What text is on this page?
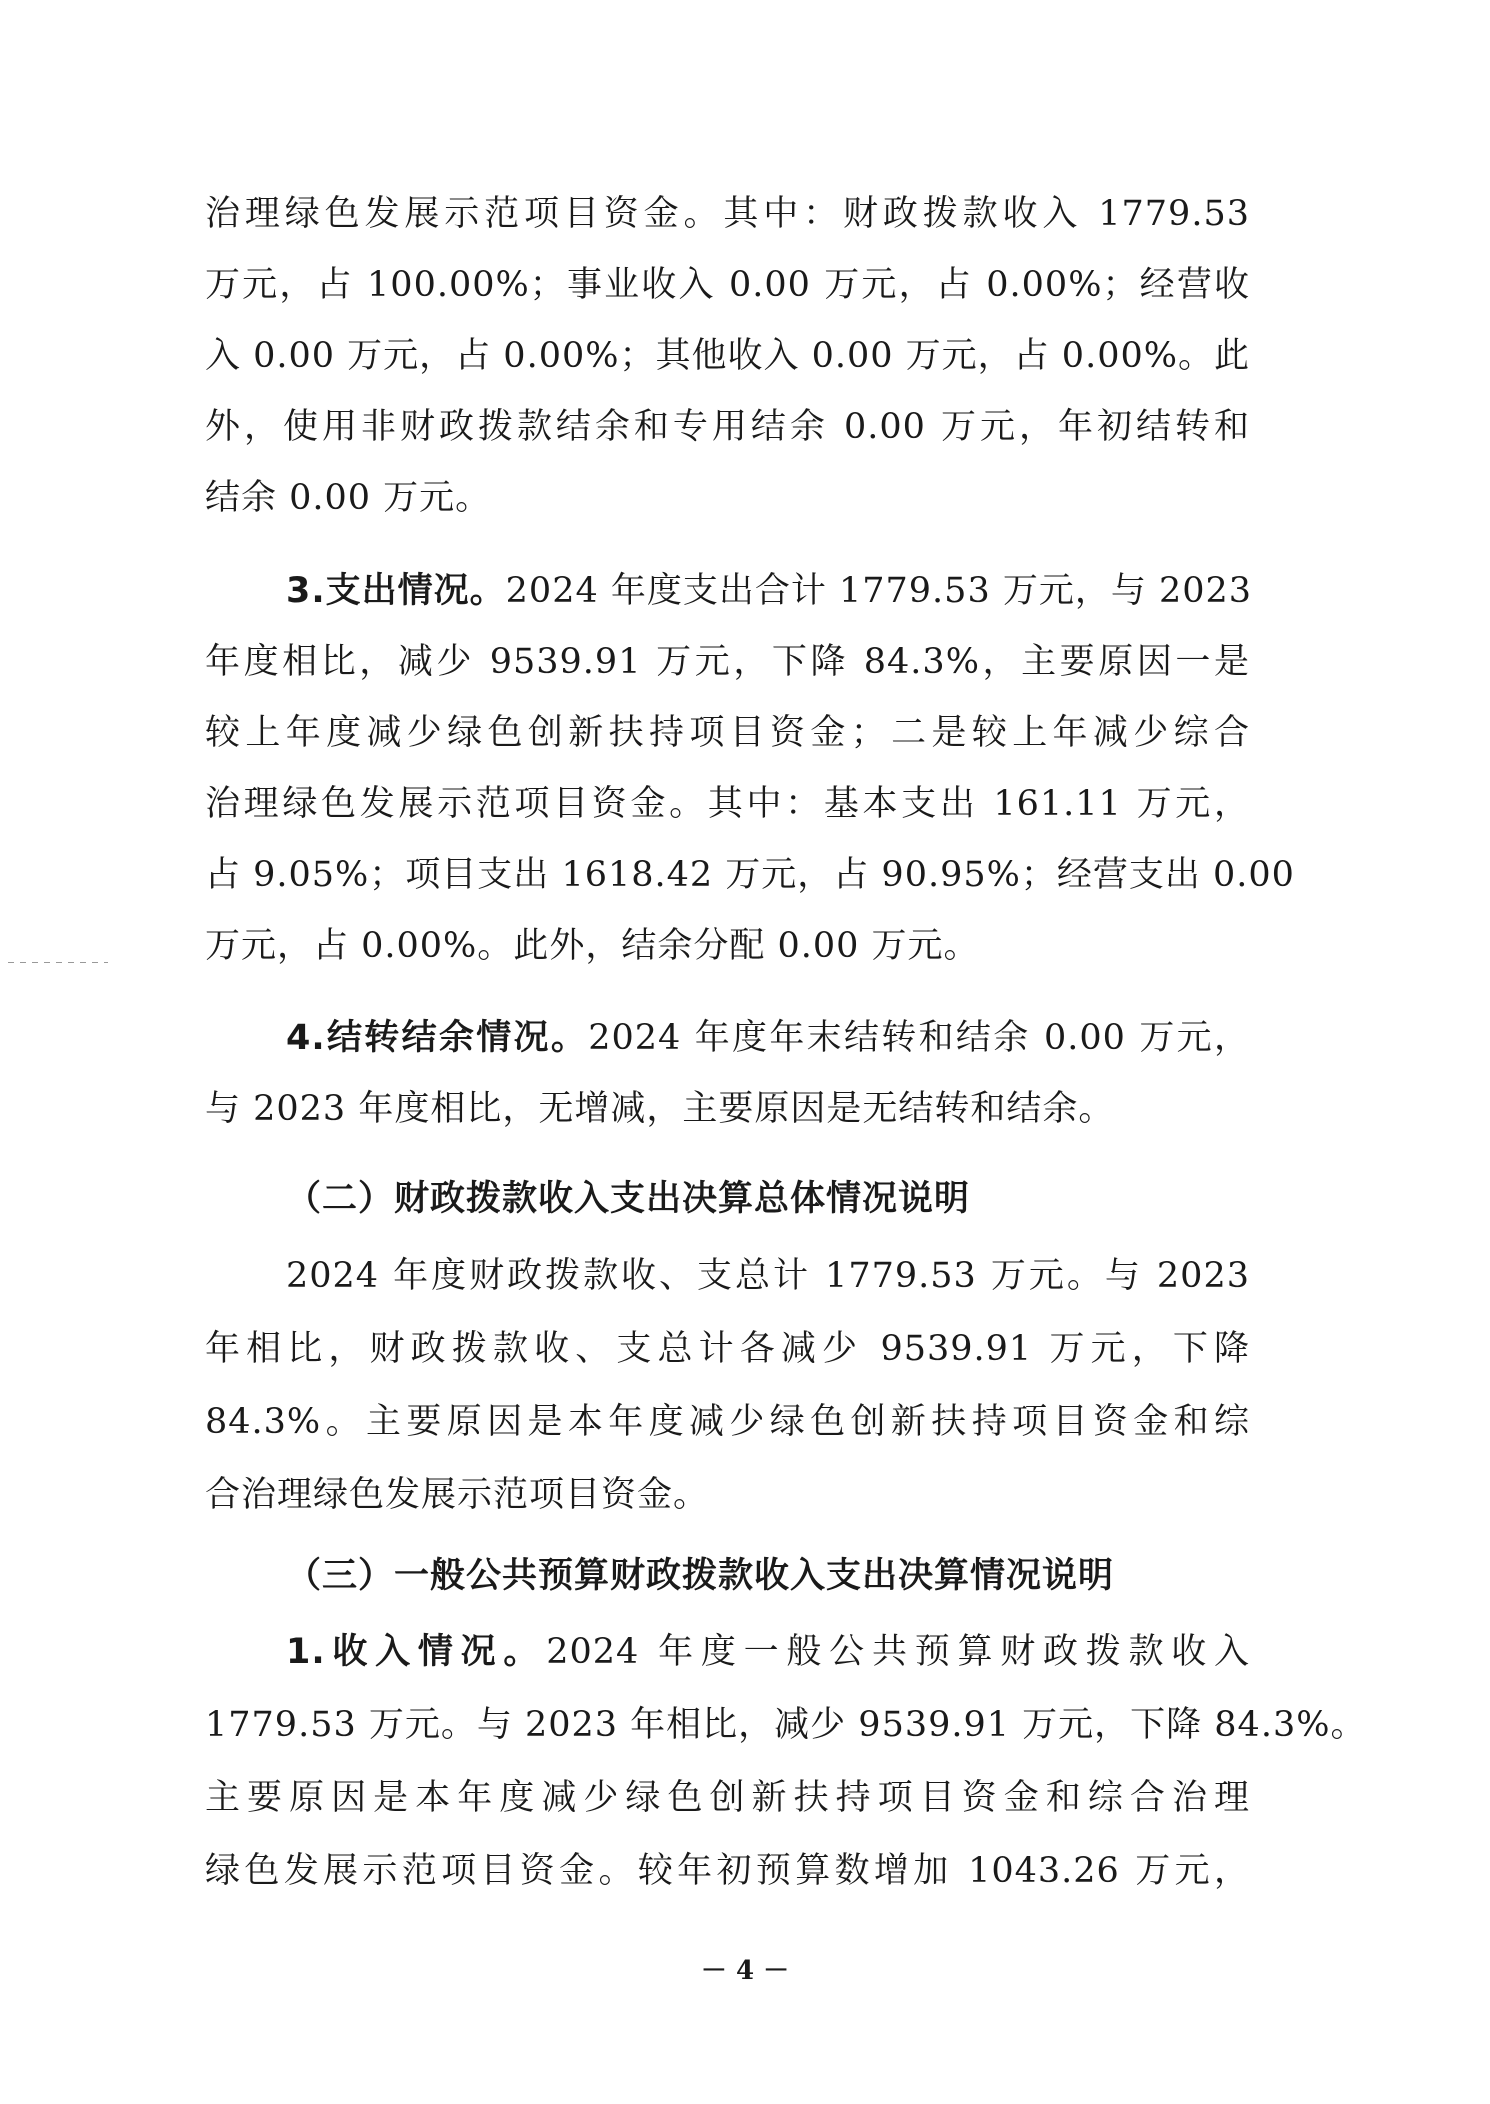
治理绿色发展示范项目资金。其中：财政拨款收入 1779.53
万元，占 100.00%；事业收入 0.00 万元，占 0.00%；经营收
入 0.00 万元，占 0.00%；其他收入 0.00 万元，占 0.00%。此
外，使用非财政拨款结余和专用结余 0.00 万元，年初结转和
结余 0.00 万元。
3.支出情况。2024 年度支出合计 1779.53 万元，与 2023
年度相比，减少 9539.91 万元，下降 84.3%，主要原因一是
较上年度减少绿色创新扶持项目资金；二是较上年减少综合
治理绿色发展示范项目资金。其中：基本支出 161.11 万元，
占 9.05%；项目支出 1618.42 万元，占 90.95%；经营支出 0.00
万元，占 0.00%。此外，结余分配 0.00 万元。
4.结转结余情况。2024 年度年末结转和结余 0.00 万元，
与 2023 年度相比，无增减，主要原因是无结转和结余。
（二）财政拨款收入支出决算总体情况说明
2024 年度财政拨款收、支总计 1779.53 万元。与 2023
年相比，财政拨款收、支总计各减少 9539.91 万元，下降
84.3%。主要原因是本年度减少绿色创新扶持项目资金和综
合治理绿色发展示范项目资金。
（三）一般公共预算财政拨款收入支出决算情况说明
1.收入情况。2024 年度一般公共预算财政拨款收入
1779.53 万元。与 2023 年相比，减少 9539.91 万元，下降 84.3%。
主要原因是本年度减少绿色创新扶持项目资金和综合治理
绿色发展示范项目资金。较年初预算数增加 1043.26 万元，
－ 4 －
